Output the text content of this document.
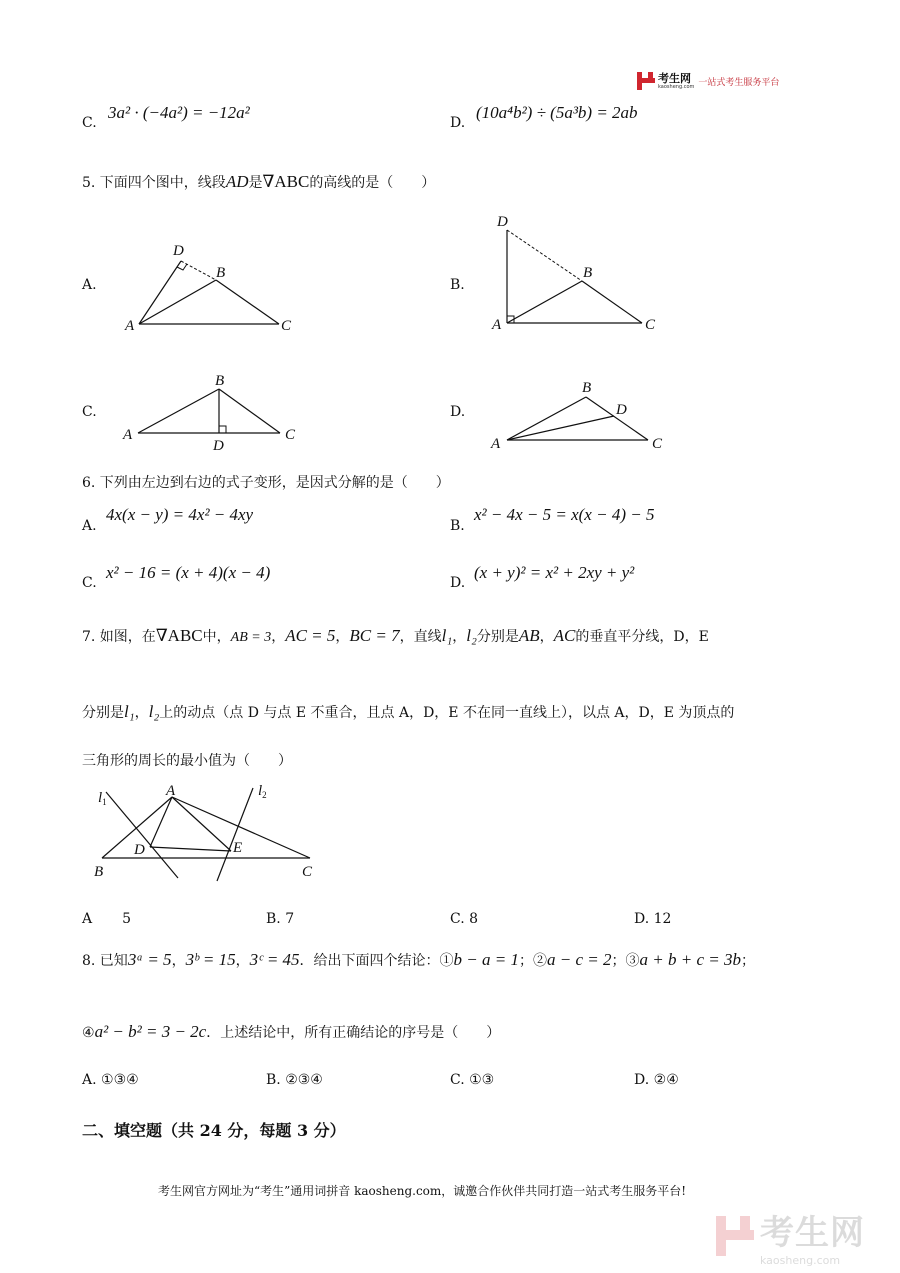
考生网
kaosheng.com 一站式考生服务平台
C.
3a² · (−4a²) = −12a²
D.
(10a⁴b²) ÷ (5a³b) = 2ab
5. 下面四个图中，线段AD是∇ABC的高线的是（　　）
A.
A
B
C
D
B.
A
B
C
D
C.
A
B
C
D
D.
A
B
C
D
6. 下列由左边到右边的式子变形，是因式分解的是（　　）
A.
4x(x − y) = 4x² − 4xy
B.
x² − 4x − 5 = x(x − 4) − 5
C.
x² − 16 = (x + 4)(x − 4)
D.
(x + y)² = x² + 2xy + y²
7. 如图，在∇ABC中，AB = 3，AC = 5，BC = 7，直线l₁，l₂分别是AB，AC的垂直平分线，D，E
分别是l₁，l₂上的动点（点 D 与点 E 不重合，且点 A，D，E 不在同一直线上），以点 A，D，E 为顶点的
三角形的周长的最小值为（　　）
B
A
C
D	E
$l_1$
$l_2$
A 5	B. 7	C. 8	D. 12
8. 已知3ᵃ = 5，3ᵇ = 15，3ᶜ = 45．给出下面四个结论：①b − a = 1；②a − c = 2；③a + b + c = 3b；
④a² − b² = 3 − 2c．上述结论中，所有正确结论的序号是（　　）
A. ①③④	B. ②③④	C. ①③	D. ②④
二、填空题（共 24 分，每题 3 分）
考生网官方网址为“考生”通用词拼音 kaosheng.com，诚邀合作伙伴共同打造一站式考生服务平台!
考生网
kaosheng.com
